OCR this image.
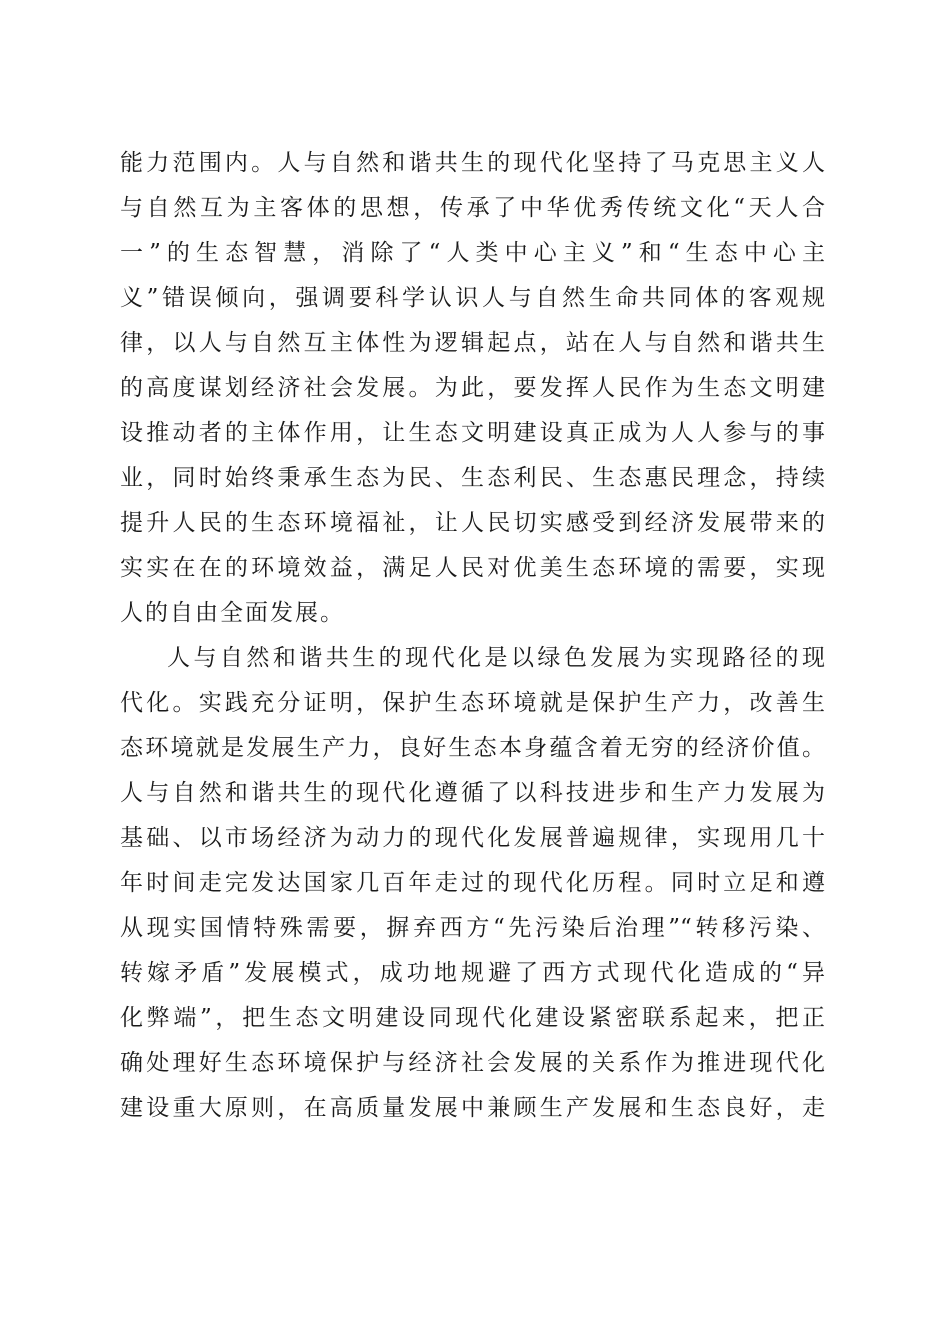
能力范围内。人与自然和谐共生的现代化坚持了马克思主义人
与自然互为主客体的思想，传承了中华优秀传统文化“天人合
一”的生态智慧，消除了“人类中心主义”和“生态中心主
义”错误倾向，强调要科学认识人与自然生命共同体的客观规
律，以人与自然互主体性为逻辑起点，站在人与自然和谐共生
的高度谋划经济社会发展。为此，要发挥人民作为生态文明建
设推动者的主体作用，让生态文明建设真正成为人人参与的事
业，同时始终秉承生态为民、生态利民、生态惠民理念，持续
提升人民的生态环境福祉，让人民切实感受到经济发展带来的
实实在在的环境效益，满足人民对优美生态环境的需要，实现
人的自由全面发展。
人与自然和谐共生的现代化是以绿色发展为实现路径的现
代化。实践充分证明，保护生态环境就是保护生产力，改善生
态环境就是发展生产力，良好生态本身蕴含着无穷的经济价值。
人与自然和谐共生的现代化遵循了以科技进步和生产力发展为
基础、以市场经济为动力的现代化发展普遍规律，实现用几十
年时间走完发达国家几百年走过的现代化历程。同时立足和遵
从现实国情特殊需要，摒弃西方“先污染后治理”“转移污染、
转嫁矛盾”发展模式，成功地规避了西方式现代化造成的“异
化弊端”，把生态文明建设同现代化建设紧密联系起来，把正
确处理好生态环境保护与经济社会发展的关系作为推进现代化
建设重大原则，在高质量发展中兼顾生产发展和生态良好，走
